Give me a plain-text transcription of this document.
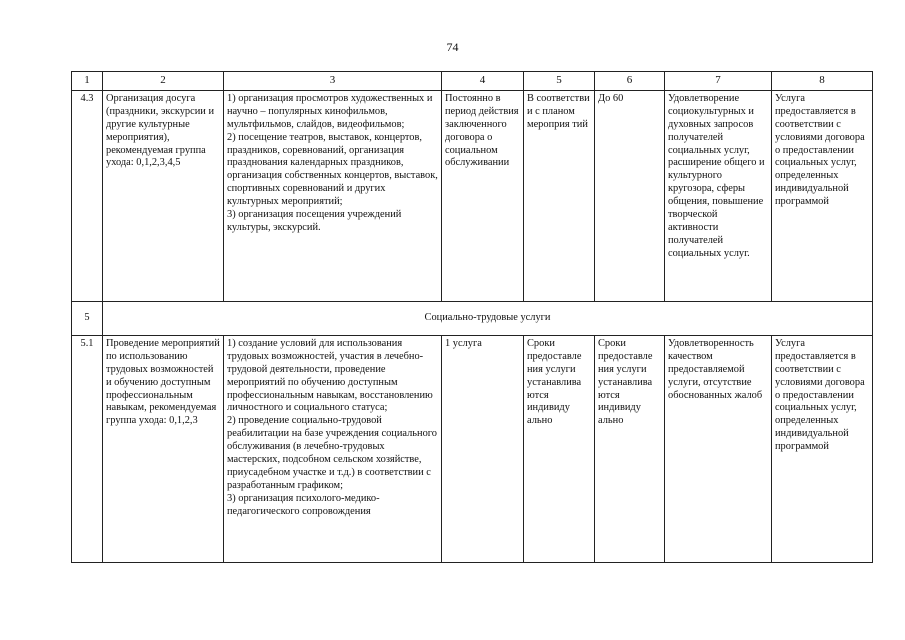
74
1	2	3	4	5	6	7	8
4.3	Организация досуга (праздники, экскурсии и другие культурные мероприятия), рекомендуемая группа ухода: 0,1,2,3,4,5	1) организация просмотров художественных и научно – популярных кинофильмов, мультфильмов, слайдов, видеофильмов;
2) посещение театров, выставок, концертов, праздников, соревнований, организация празднования календарных праздников, организация собственных концертов, выставок, спортивных соревнований и других культурных мероприятий;
3) организация посещения учреждений культуры, экскурсий.	Постоянно в период действия заключенного договора о социальном обслуживании	В соответстви и с планом мероприя тий	До 60	Удовлетворение социокультурных и духовных запросов получателей социальных услуг, расширение общего и культурного кругозора, сферы общения, повышение творческой активности получателей социальных услуг.	Услуга предоставляется в соответствии с условиями договора о предоставлении социальных услуг, определенных индивидуальной программой
5	Социально-трудовые услуги						
5.1	Проведение мероприятий по использованию трудовых возможностей и обучению доступным профессиональным навыкам, рекомендуемая группа ухода: 0,1,2,3	1) создание условий для использования трудовых возможностей, участия в лечебно-трудовой деятельности, проведение мероприятий по обучению доступным профессиональным навыкам, восстановлению личностного и социального статуса;
2) проведение социально-трудовой реабилитации на базе учреждения социального обслуживания (в лечебно-трудовых мастерских, подсобном сельском хозяйстве, приусадебном участке и т.д.) в соответствии с разработанным графиком;
3) организация психолого-медико-педагогического сопровождения	1 услуга	Сроки предоставле ния услуги устанавлива ются индивиду ально	Сроки предоставле ния услуги устанавлива ются индивиду ально	Удовлетворенность качеством предоставляемой услуги, отсутствие обоснованных жалоб	Услуга предоставляется в соответствии с условиями договора о предоставлении социальных услуг, определенных индивидуальной программой
